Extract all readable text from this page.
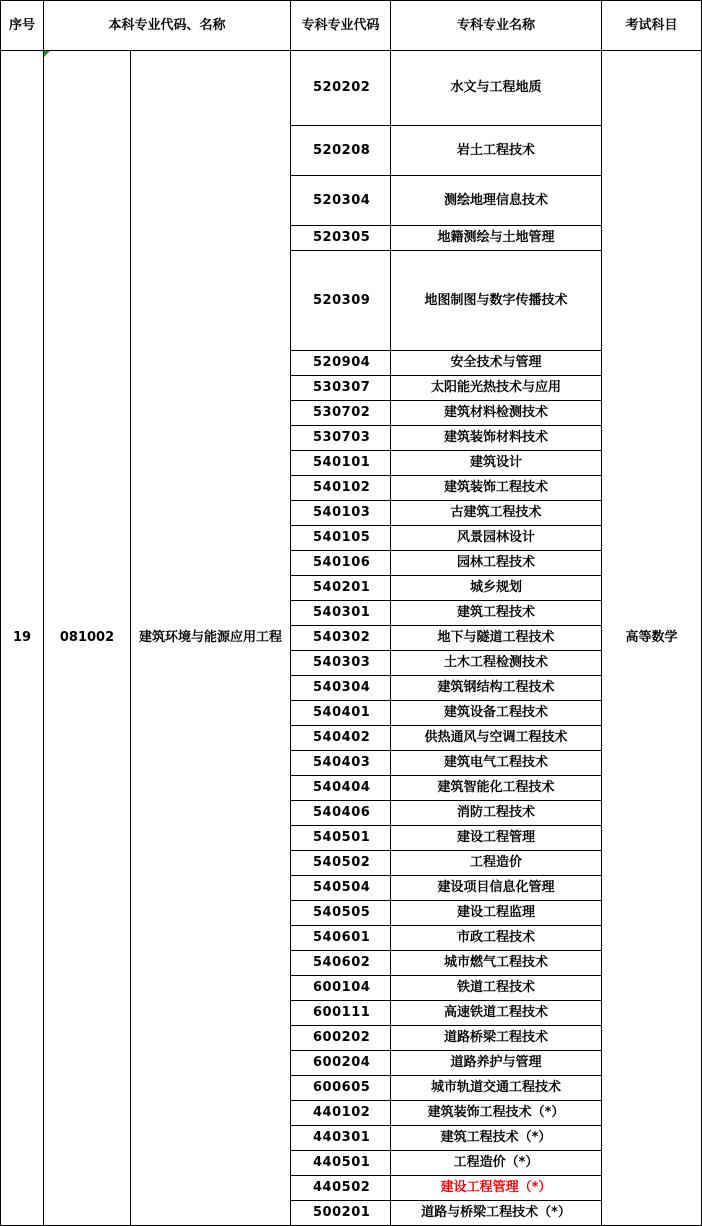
序号	本科专业代码、名称		专科专业代码	专科专业名称	考试科目
19	081002	建筑环境与能源应用工程	520202	水文与工程地质	高等数学
			520208	岩土工程技术	
			520304	测绘地理信息技术	
			520305	地籍测绘与土地管理	
			520309	地图制图与数字传播技术	
			520904	安全技术与管理	
			530307	太阳能光热技术与应用	
			530702	建筑材料检测技术	
			530703	建筑装饰材料技术	
			540101	建筑设计	
			540102	建筑装饰工程技术	
			540103	古建筑工程技术	
			540105	风景园林设计	
			540106	园林工程技术	
			540201	城乡规划	
			540301	建筑工程技术	
			540302	地下与隧道工程技术	
			540303	土木工程检测技术	
			540304	建筑钢结构工程技术	
			540401	建筑设备工程技术	
			540402	供热通风与空调工程技术	
			540403	建筑电气工程技术	
			540404	建筑智能化工程技术	
			540406	消防工程技术	
			540501	建设工程管理	
			540502	工程造价	
			540504	建设项目信息化管理	
			540505	建设工程监理	
			540601	市政工程技术	
			540602	城市燃气工程技术	
			600104	铁道工程技术	
			600111	高速铁道工程技术	
			600202	道路桥梁工程技术	
			600204	道路养护与管理	
			600605	城市轨道交通工程技术	
			440102	建筑装饰工程技术（*）	
			440301	建筑工程技术（*）	
			440501	工程造价（*）	
			440502	建设工程管理（*）	
			500201	道路与桥梁工程技术（*）	
